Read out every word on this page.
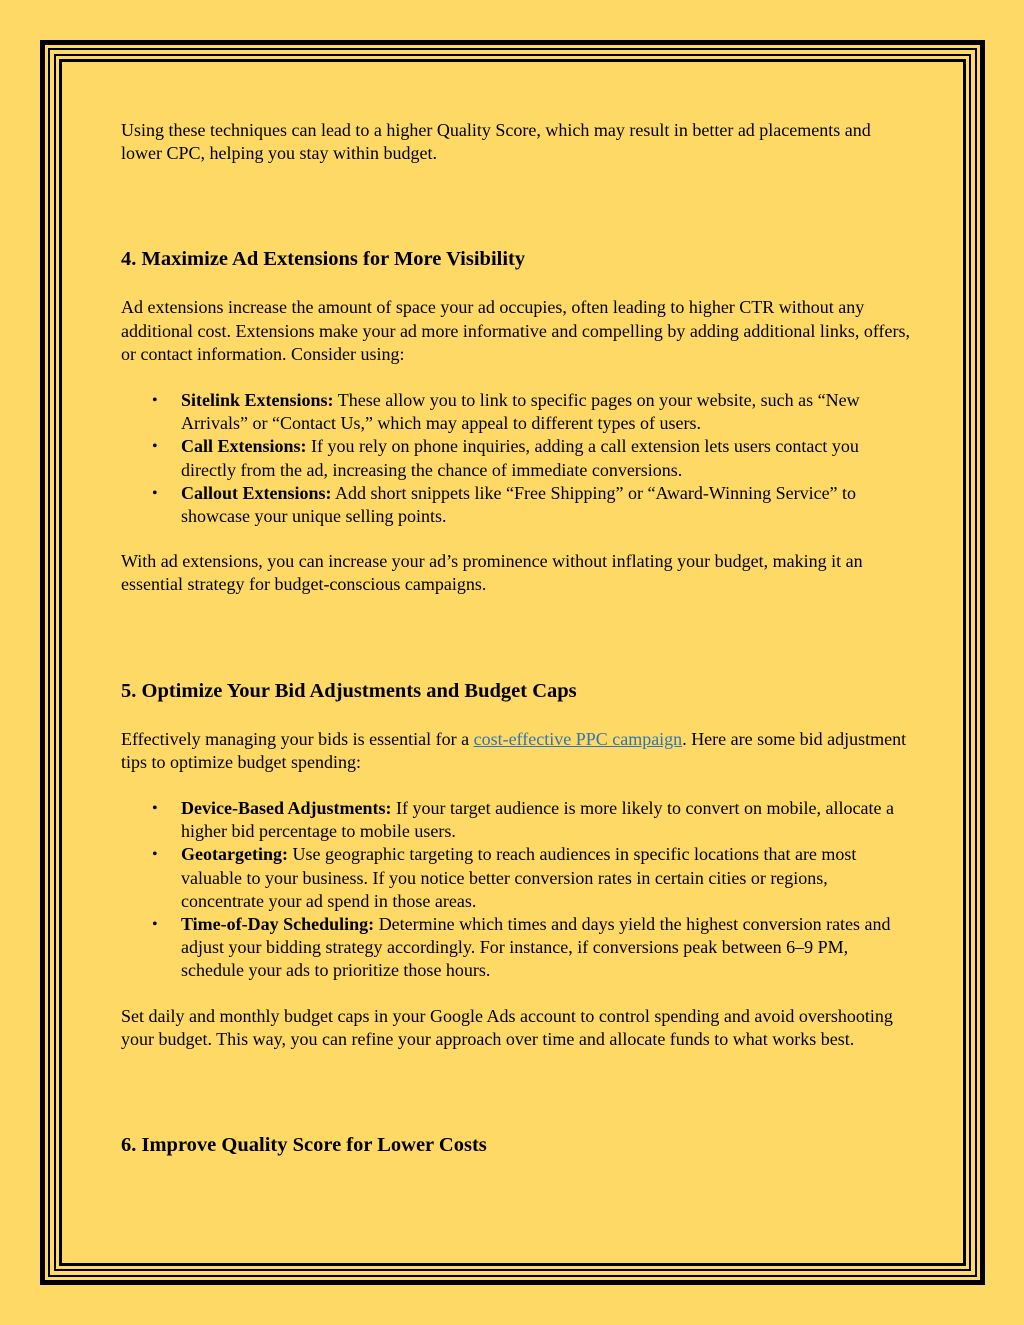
Using these techniques can lead to a higher Quality Score, which may result in better ad placements and lower CPC, helping you stay within budget.

4. Maximize Ad Extensions for More Visibility

Ad extensions increase the amount of space your ad occupies, often leading to higher CTR without any additional cost. Extensions make your ad more informative and compelling by adding additional links, offers, or contact information. Consider using:

• Sitelink Extensions: These allow you to link to specific pages on your website, such as “New Arrivals” or “Contact Us,” which may appeal to different types of users.
• Call Extensions: If you rely on phone inquiries, adding a call extension lets users contact you directly from the ad, increasing the chance of immediate conversions.
• Callout Extensions: Add short snippets like “Free Shipping” or “Award-Winning Service” to showcase your unique selling points.

With ad extensions, you can increase your ad’s prominence without inflating your budget, making it an essential strategy for budget-conscious campaigns.

5. Optimize Your Bid Adjustments and Budget Caps

Effectively managing your bids is essential for a cost-effective PPC campaign. Here are some bid adjustment tips to optimize budget spending:

• Device-Based Adjustments: If your target audience is more likely to convert on mobile, allocate a higher bid percentage to mobile users.
• Geotargeting: Use geographic targeting to reach audiences in specific locations that are most valuable to your business. If you notice better conversion rates in certain cities or regions, concentrate your ad spend in those areas.
• Time-of-Day Scheduling: Determine which times and days yield the highest conversion rates and adjust your bidding strategy accordingly. For instance, if conversions peak between 6–9 PM, schedule your ads to prioritize those hours.

Set daily and monthly budget caps in your Google Ads account to control spending and avoid overshooting your budget. This way, you can refine your approach over time and allocate funds to what works best.

6. Improve Quality Score for Lower Costs
